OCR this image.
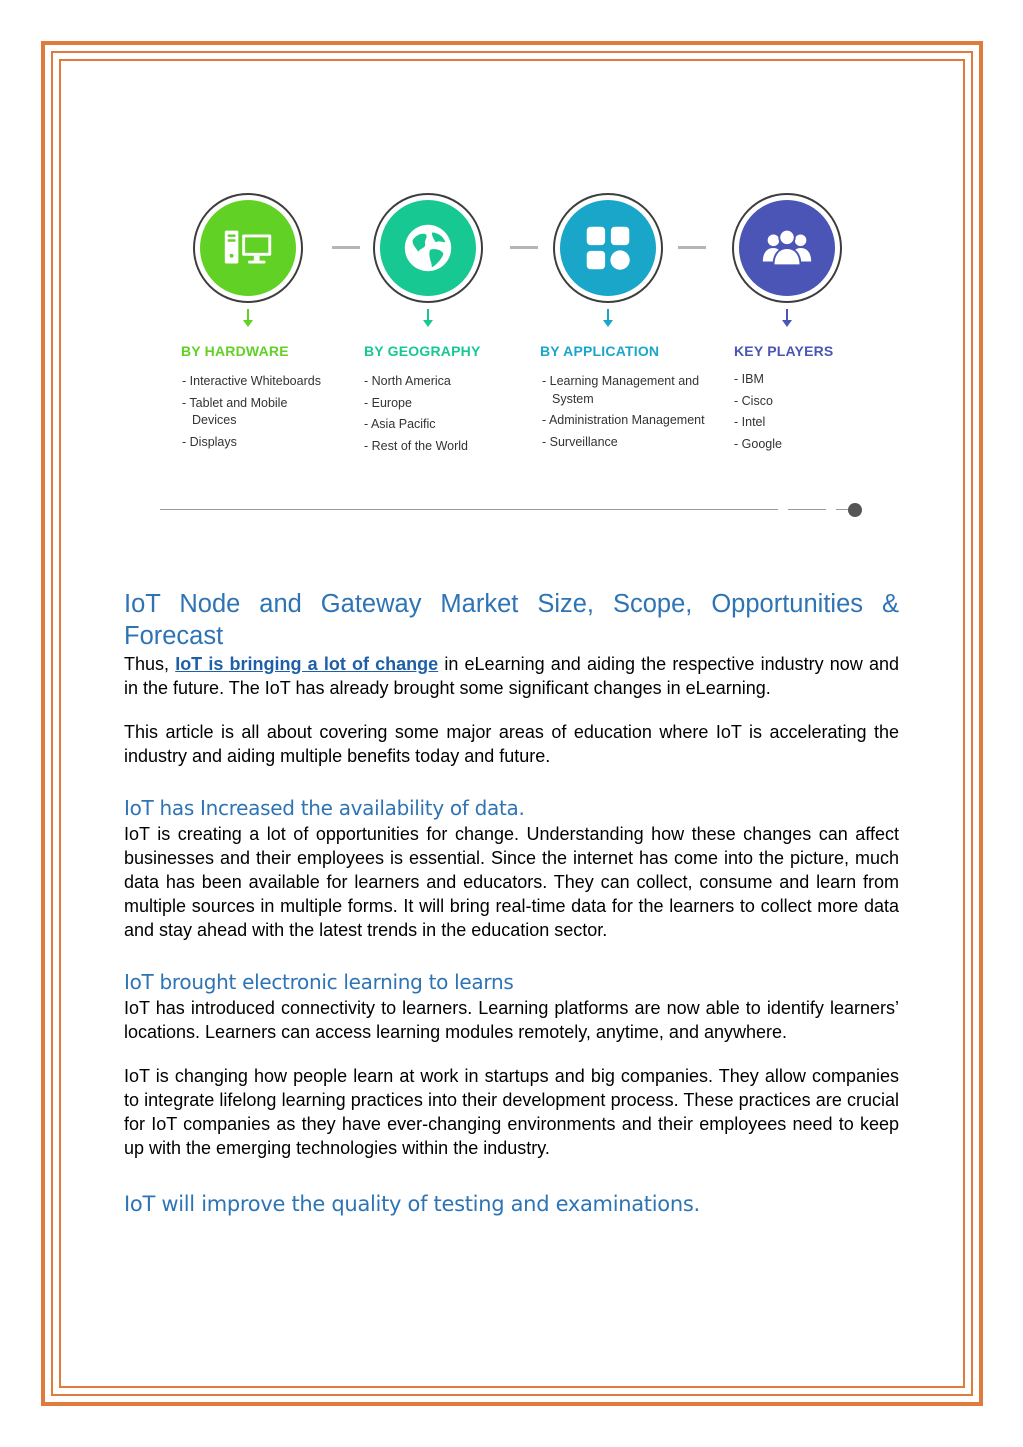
BY HARDWARE	BY GEOGRAPHY	BY APPLICATION	KEY PLAYERS
- Interactive Whiteboards
- Tablet and Mobile Devices
- Displays
- North America
- Europe
- Asia Pacific
- Rest of the World
- Learning Management and System
- Administration Management
- Surveillance
- IBM
- Cisco
- Intel
- Google
IoT Node and Gateway Market Size, Scope, Opportunities & Forecast

Thus, IoT is bringing a lot of change in eLearning and aiding the respective industry now and in the future. The IoT has already brought some significant changes in eLearning.

This article is all about covering some major areas of education where IoT is accelerating the industry and aiding multiple benefits today and future.

IoT has Increased the availability of data.

IoT is creating a lot of opportunities for change. Understanding how these changes can affect businesses and their employees is essential. Since the internet has come into the picture, much data has been available for learners and educators. They can collect, consume and learn from multiple sources in multiple forms. It will bring real-time data for the learners to collect more data and stay ahead with the latest trends in the education sector.

IoT brought electronic learning to learns

IoT has introduced connectivity to learners. Learning platforms are now able to identify learners’ locations. Learners can access learning modules remotely, anytime, and anywhere.

IoT is changing how people learn at work in startups and big companies. They allow companies to integrate lifelong learning practices into their development process. These practices are crucial for IoT companies as they have ever-changing environments and their employees need to keep up with the emerging technologies within the industry.

IoT will improve the quality of testing and examinations.
